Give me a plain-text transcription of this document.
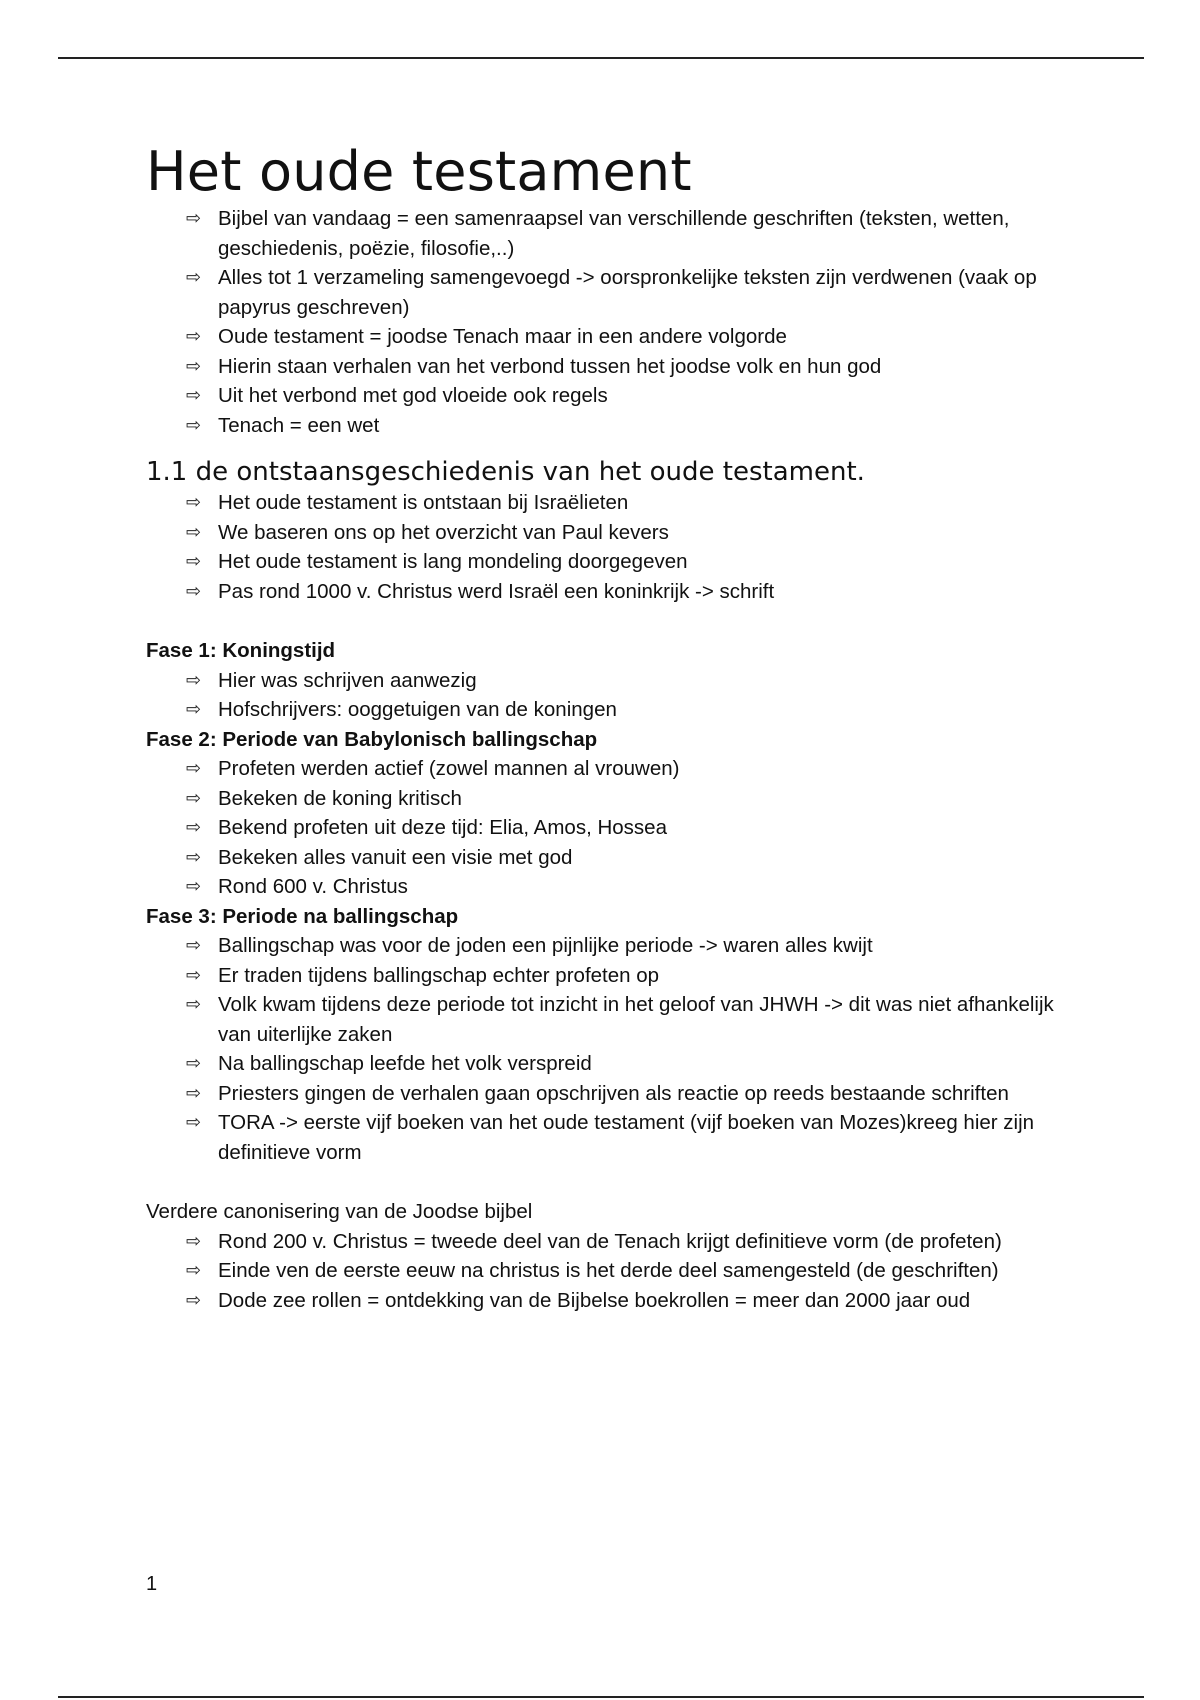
Het oude testament
⇨ Bijbel van vandaag = een samenraapsel van verschillende geschriften (teksten, wetten, geschiedenis, poëzie, filosofie,..)
⇨ Alles tot 1 verzameling samengevoegd -> oorspronkelijke teksten zijn verdwenen (vaak op papyrus geschreven)
⇨ Oude testament = joodse Tenach maar in een andere volgorde
⇨ Hierin staan verhalen van het verbond tussen het joodse volk en hun god
⇨ Uit het verbond met god vloeide ook regels
⇨ Tenach = een wet
1.1 de ontstaansgeschiedenis van het oude testament.
⇨ Het oude testament is ontstaan bij Israëlieten
⇨ We baseren ons op het overzicht van Paul kevers
⇨ Het oude testament is lang mondeling doorgegeven
⇨ Pas rond 1000 v. Christus werd Israël een koninkrijk -> schrift

Fase 1: Koningstijd

⇨ Hier was schrijven aanwezig
⇨ Hofschrijvers: ooggetuigen van de koningen

Fase 2: Periode van Babylonisch ballingschap

⇨ Profeten werden actief (zowel mannen al vrouwen)
⇨ Bekeken de koning kritisch
⇨ Bekend profeten uit deze tijd: Elia, Amos, Hossea
⇨ Bekeken alles vanuit een visie met god
⇨ Rond 600 v. Christus

Fase 3: Periode na ballingschap

⇨ Ballingschap was voor de joden een pijnlijke periode -> waren alles kwijt
⇨ Er traden tijdens ballingschap echter profeten op
⇨ Volk kwam tijdens deze periode tot inzicht in het geloof van JHWH -> dit was niet afhankelijk van uiterlijke zaken
⇨ Na ballingschap leefde het volk verspreid
⇨ Priesters gingen de verhalen gaan opschrijven als reactie op reeds bestaande schriften
⇨ TORA -> eerste vijf boeken van het oude testament (vijf boeken van Mozes)kreeg hier zijn definitieve vorm

Verdere canonisering van de Joodse bijbel

⇨ Rond 200 v. Christus = tweede deel van de Tenach krijgt definitieve vorm (de profeten)
⇨ Einde ven de eerste eeuw na christus is het derde deel samengesteld (de geschriften)
⇨ Dode zee rollen = ontdekking van de Bijbelse boekrollen = meer dan 2000 jaar oud
1
